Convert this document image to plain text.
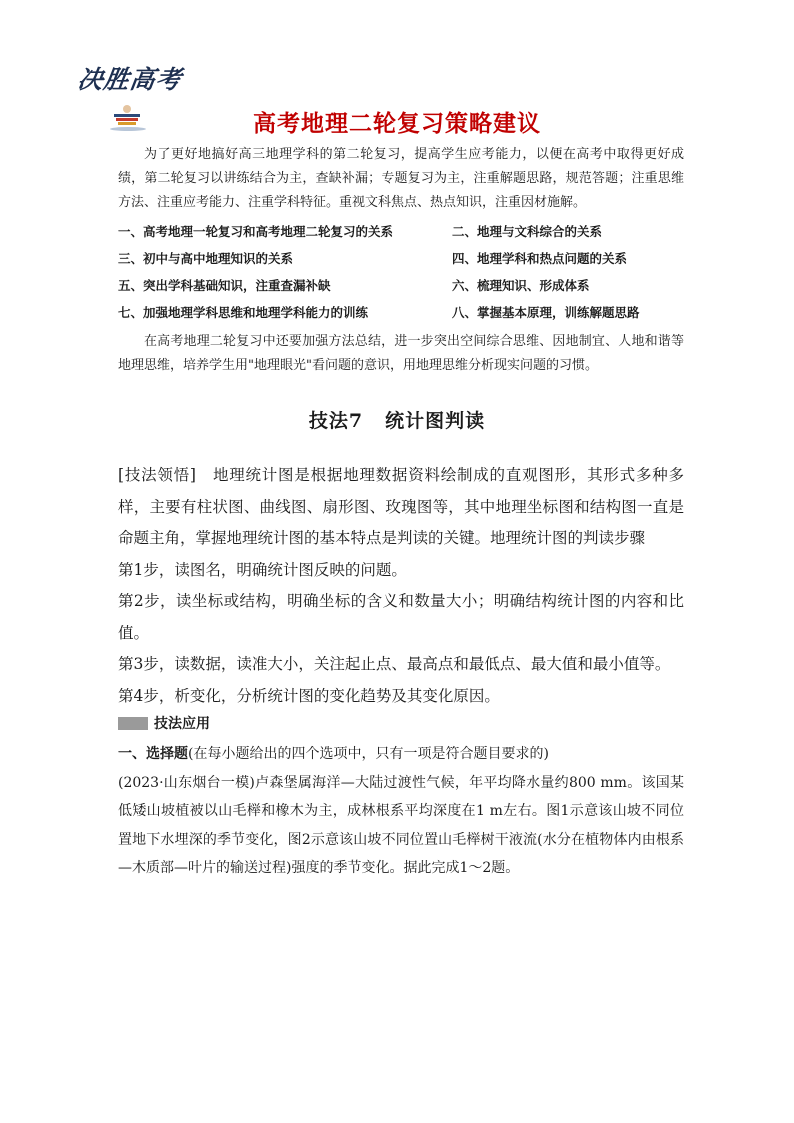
决胜高考
高考地理二轮复习策略建议
为了更好地搞好高三地理学科的第二轮复习，提高学生应考能力，以便在高考中取得更好成绩，第二轮复习以讲练结合为主，查缺补漏；专题复习为主，注重解题思路，规范答题；注重思维方法、注重应考能力、注重学科特征。重视文科焦点、热点知识，注重因材施解。
一、高考地理一轮复习和高考地理二轮复习的关系	二、地理与文科综合的关系
三、初中与高中地理知识的关系	四、地理学科和热点问题的关系
五、突出学科基础知识，注重查漏补缺	六、梳理知识、形成体系
七、加强地理学科思维和地理学科能力的训练	八、掌握基本原理，训练解题思路
在高考地理二轮复习中还要加强方法总结，进一步突出空间综合思维、因地制宜、人地和谐等地理思维，培养学生用"地理眼光"看问题的意识，用地理思维分析现实问题的习惯。
技法7 统计图判读

[技法领悟]　地理统计图是根据地理数据资料绘制成的直观图形，其形式多种多样，主要有柱状图、曲线图、扇形图、玫瑰图等，其中地理坐标图和结构图一直是命题主角，掌握地理统计图的基本特点是判读的关键。地理统计图的判读步骤

第1步，读图名，明确统计图反映的问题。

第2步，读坐标或结构，明确坐标的含义和数量大小；明确结构统计图的内容和比值。

第3步，读数据，读准大小，关注起止点、最高点和最低点、最大值和最小值等。

第4步，析变化，分析统计图的变化趋势及其变化原因。

技法应用

一、选择题(在每小题给出的四个选项中，只有一项是符合题目要求的)

(2023·山东烟台一模)卢森堡属海洋—大陆过渡性气候，年平均降水量约800 mm。该国某低矮山坡植被以山毛榉和橡木为主，成林根系平均深度在1 m左右。图1示意该山坡不同位置地下水埋深的季节变化，图2示意该山坡不同位置山毛榉树干液流(水分在植物体内由根系—木质部—叶片的输送过程)强度的季节变化。据此完成1～2题。
